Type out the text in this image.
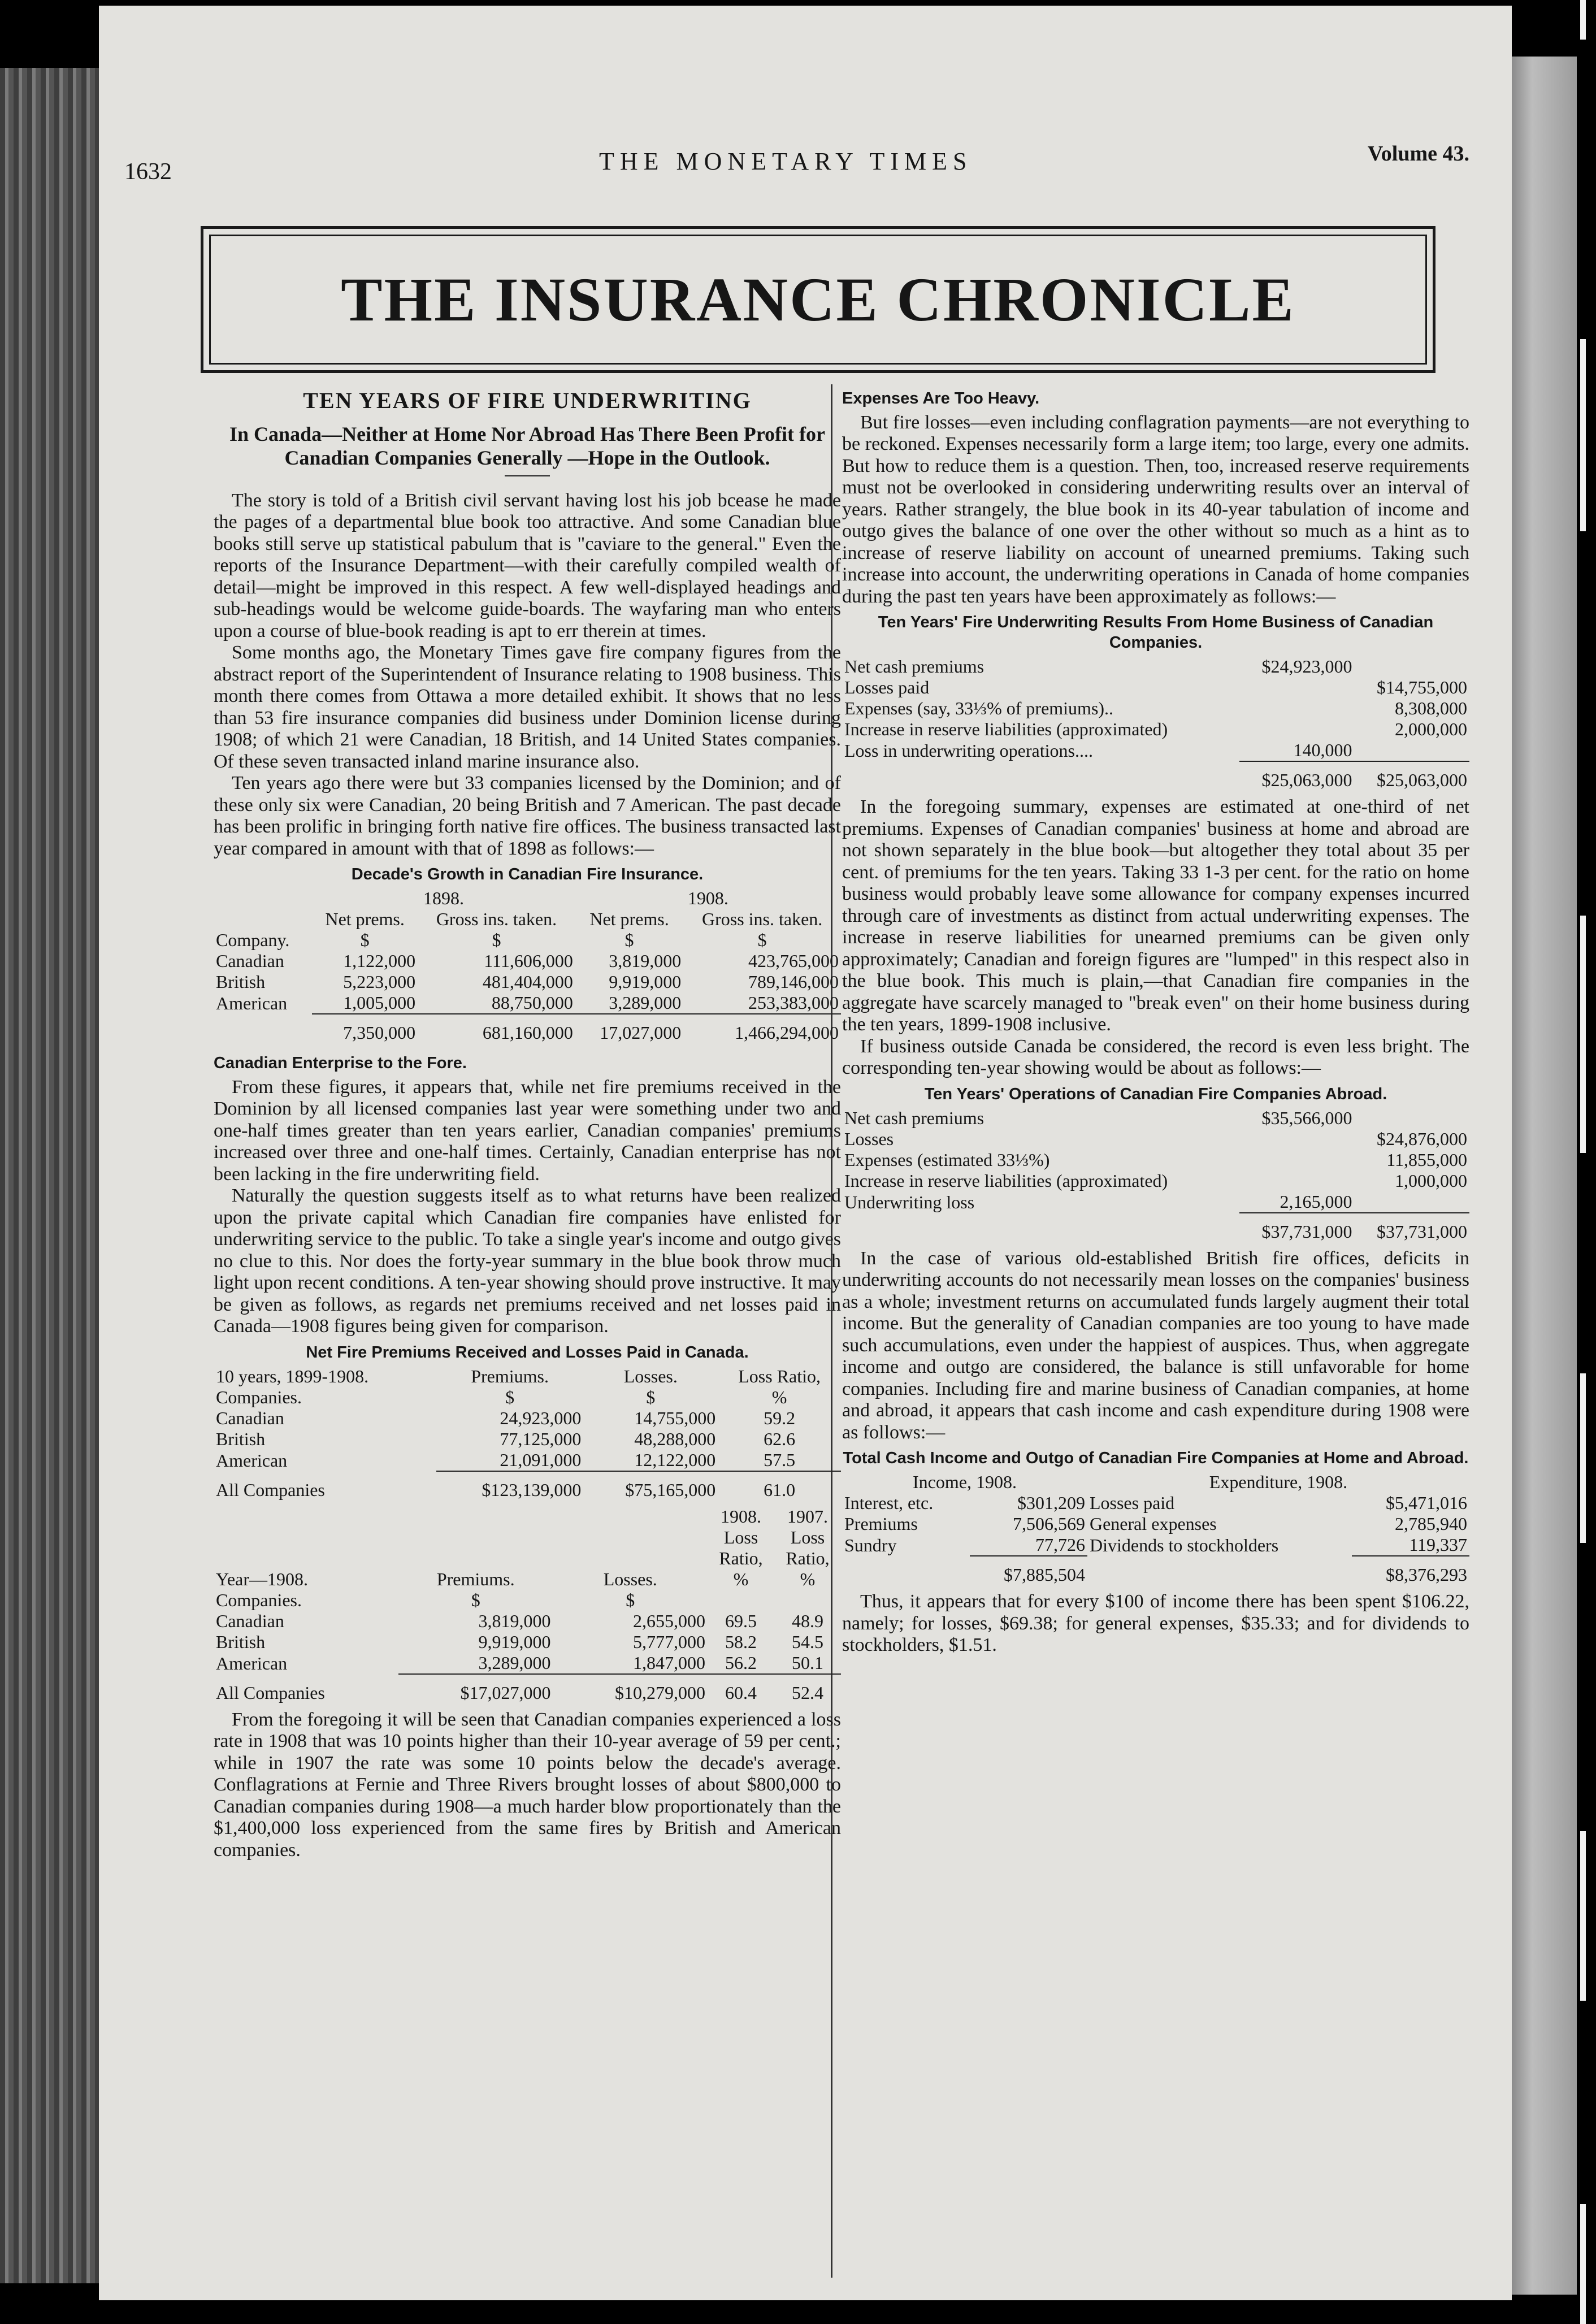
1632	THE MONETARY TIMES	Volume 43.
THE INSURANCE CHRONICLE
TEN YEARS OF FIRE UNDERWRITING
In Canada—Neither at Home Nor Abroad Has There Been Profit for Canadian Companies Generally —Hope in the Outlook.

The story is told of a British civil servant having lost his job bcease he made the pages of a departmental blue book too attractive. And some Canadian blue books still serve up statistical pabulum that is "caviare to the general." Even the reports of the Insurance Department—with their carefully compiled wealth of detail—might be improved in this respect. A few well-displayed headings and sub-headings would be welcome guide-boards. The wayfaring man who enters upon a course of blue-book reading is apt to err therein at times.

Some months ago, the Monetary Times gave fire company figures from the abstract report of the Superintendent of Insurance relating to 1908 business. This month there comes from Ottawa a more detailed exhibit. It shows that no less than 53 fire insurance companies did business under Dominion license during 1908; of which 21 were Canadian, 18 British, and 14 United States companies. Of these seven transacted inland marine insurance also.

Ten years ago there were but 33 companies licensed by the Dominion; and of these only six were Canadian, 20 being British and 7 American. The past decade has been prolific in bringing forth native fire offices. The business transacted last year compared in amount with that of 1898 as follows:—

Decade's Growth in Canadian Fire Insurance.
	1898.		1908.	
	Net prems.	Gross ins. taken.	Net prems.	Gross ins. taken.
Company.	$	$	$	$
Canadian	1,122,000	111,606,000	3,819,000	423,765,000
British	5,223,000	481,404,000	9,919,000	789,146,000
American	1,005,000	88,750,000	3,289,000	253,383,000
	7,350,000	681,160,000	17,027,000	1,466,294,000
Canadian Enterprise to the Fore.

From these figures, it appears that, while net fire premiums received in the Dominion by all licensed companies last year were something under two and one-half times greater than ten years earlier, Canadian companies' premiums increased over three and one-half times. Certainly, Canadian enterprise has not been lacking in the fire underwriting field.

Naturally the question suggests itself as to what returns have been realized upon the private capital which Canadian fire companies have enlisted for underwriting service to the public. To take a single year's income and outgo gives no clue to this. Nor does the forty-year summary in the blue book throw much light upon recent conditions. A ten-year showing should prove instructive. It may be given as follows, as regards net premiums received and net losses paid in Canada—1908 figures being given for comparison.

Net Fire Premiums Received and Losses Paid in Canada.
10 years, 1899-1908.	Premiums.	Losses.	Loss Ratio,
Companies.	$	$	%
Canadian	24,923,000	14,755,000	59.2
British	77,125,000	48,288,000	62.6
American	21,091,000	12,122,000	57.5
All Companies	$123,139,000	$75,165,000	61.0
			1908. Loss Ratio,	1907. Loss Ratio,
Year—1908.	Premiums.	Losses.	%	%
Companies.	$	$		
Canadian	3,819,000	2,655,000	69.5	48.9
British	9,919,000	5,777,000	58.2	54.5
American	3,289,000	1,847,000	56.2	50.1
All Companies	$17,027,000	$10,279,000	60.4	52.4

From the foregoing it will be seen that Canadian companies experienced a loss rate in 1908 that was 10 points higher than their 10-year average of 59 per cent.; while in 1907 the rate was some 10 points below the decade's average. Conflagrations at Fernie and Three Rivers brought losses of about $800,000 to Canadian companies during 1908—a much harder blow proportionately than the $1,400,000 loss experienced from the same fires by British and American companies.

Expenses Are Too Heavy.

But fire losses—even including conflagration payments—are not everything to be reckoned. Expenses necessarily form a large item; too large, every one admits. But how to reduce them is a question. Then, too, increased reserve requirements must not be overlooked in considering underwriting results over an interval of years. Rather strangely, the blue book in its 40-year tabulation of income and outgo gives the balance of one over the other without so much as a hint as to increase of reserve liability on account of unearned premiums. Taking such increase into account, the underwriting operations in Canada of home companies during the past ten years have been approximately as follows:—

Ten Years' Fire Underwriting Results From Home Business of Canadian Companies.
Net cash premiums	$24,923,000	
Losses paid		$14,755,000
Expenses (say, 33⅓% of premiums)..		8,308,000
Increase in reserve liabilities (approximated)		2,000,000
Loss in underwriting operations....	140,000	
	$25,063,000	$25,063,000

In the foregoing summary, expenses are estimated at one-third of net premiums. Expenses of Canadian companies' business at home and abroad are not shown separately in the blue book—but altogether they total about 35 per cent. of premiums for the ten years. Taking 33 1-3 per cent. for the ratio on home business would probably leave some allowance for company expenses incurred through care of investments as distinct from actual underwriting expenses. The increase in reserve liabilities for unearned premiums can be given only approximately; Canadian and foreign figures are "lumped" in this respect also in the blue book. This much is plain,—that Canadian fire companies in the aggregate have scarcely managed to "break even" on their home business during the ten years, 1899-1908 inclusive.

If business outside Canada be considered, the record is even less bright. The corresponding ten-year showing would be about as follows:—

Ten Years' Operations of Canadian Fire Companies Abroad.
Net cash premiums	$35,566,000	
Losses		$24,876,000
Expenses (estimated 33⅓%)		11,855,000
Increase in reserve liabilities (approximated)		1,000,000
Underwriting loss	2,165,000	
	$37,731,000	$37,731,000

In the case of various old-established British fire offices, deficits in underwriting accounts do not necessarily mean losses on the companies' business as a whole; investment returns on accumulated funds largely augment their total income. But the generality of Canadian companies are too young to have made such accumulations, even under the happiest of auspices. Thus, when aggregate income and outgo are considered, the balance is still unfavorable for home companies. Including fire and marine business of Canadian companies, at home and abroad, it appears that cash income and cash expenditure during 1908 were as follows:—

Total Cash Income and Outgo of Canadian Fire Companies at Home and Abroad.
Income, 1908.		Expenditure, 1908.	
Interest, etc.	$301,209	Losses paid	$5,471,016
Premiums	7,506,569	General expenses	2,785,940
Sundry	77,726	Dividends to stockholders	119,337
	$7,885,504		$8,376,293

Thus, it appears that for every $100 of income there has been spent $106.22, namely; for losses, $69.38; for general expenses, $35.33; and for dividends to stockholders, $1.51.
